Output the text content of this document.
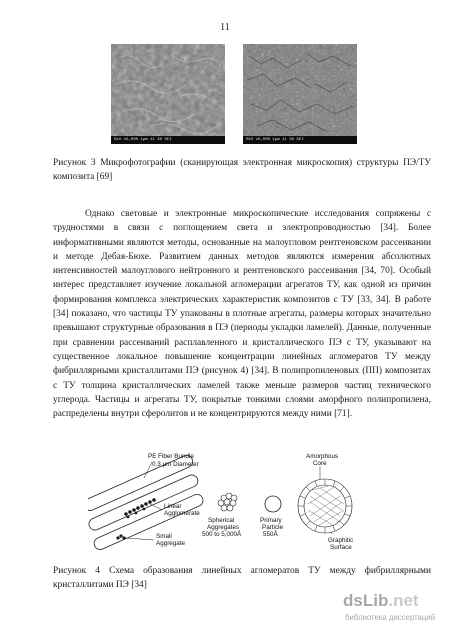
11
5kV x5,000 1µm 11 30 SEI	5kV x5,000 1µm 11 30 SEI
Рисунок 3 Микрофотографии (сканирующая электронная микроскопия) структуры ПЭ/ТУ композита [69]

Однако световые и электронные микроскопические исследования сопряжены с трудностями в связи с поглощением света и электропроводностью [34]. Более информативными являются методы, основанные на малоугловом рентгеновском рассеивании и методе Дебая-Бюхе. Развитием данных методов являются измерения абсолютных интенсивностей малоуглового нейтронного и рентгеновского рассеивания [34, 70]. Особый интерес представляет изучение локальной агломерации агрегатов ТУ, как одной из причин формирования комплекса электрических характеристик композитов с ТУ [33, 34]. В работе [34] показано, что частицы ТУ упакованы в плотные агрегаты, размеры которых значительно превышают структурные образования в ПЭ (периоды укладки ламелей). Данные, полученные при сравнении рассеиваний расплавленного и кристаллического ПЭ с ТУ, указывают на существенное локальное повышение концентрации линейных агломератов ТУ между фибриллярными кристаллитами ПЭ (рисунок 4) [34]. В полипропиленовых (ПП) композитах с ТУ толщина кристаллических ламелей также меньше размеров частиц технического углерода. Частицы и агрегаты ТУ, покрытые тонкими слоями аморфного полипропилена, распределены внутри сферолитов и не концентрируются между ними [71].

PE Fiber Bundle
0.3 µm Diameter
Linear
Agglomerate
Small
Aggregate
Spherical
Aggregates
500 to 5,000Å
Primary
Particle
550Å
Amorphous
Core
Graphitic
Surface
Рисунок 4 Схема образования линейных агломератов ТУ между фибриллярными кристаллитами ПЭ [34]
dsLib.net
библиотека диссертаций
